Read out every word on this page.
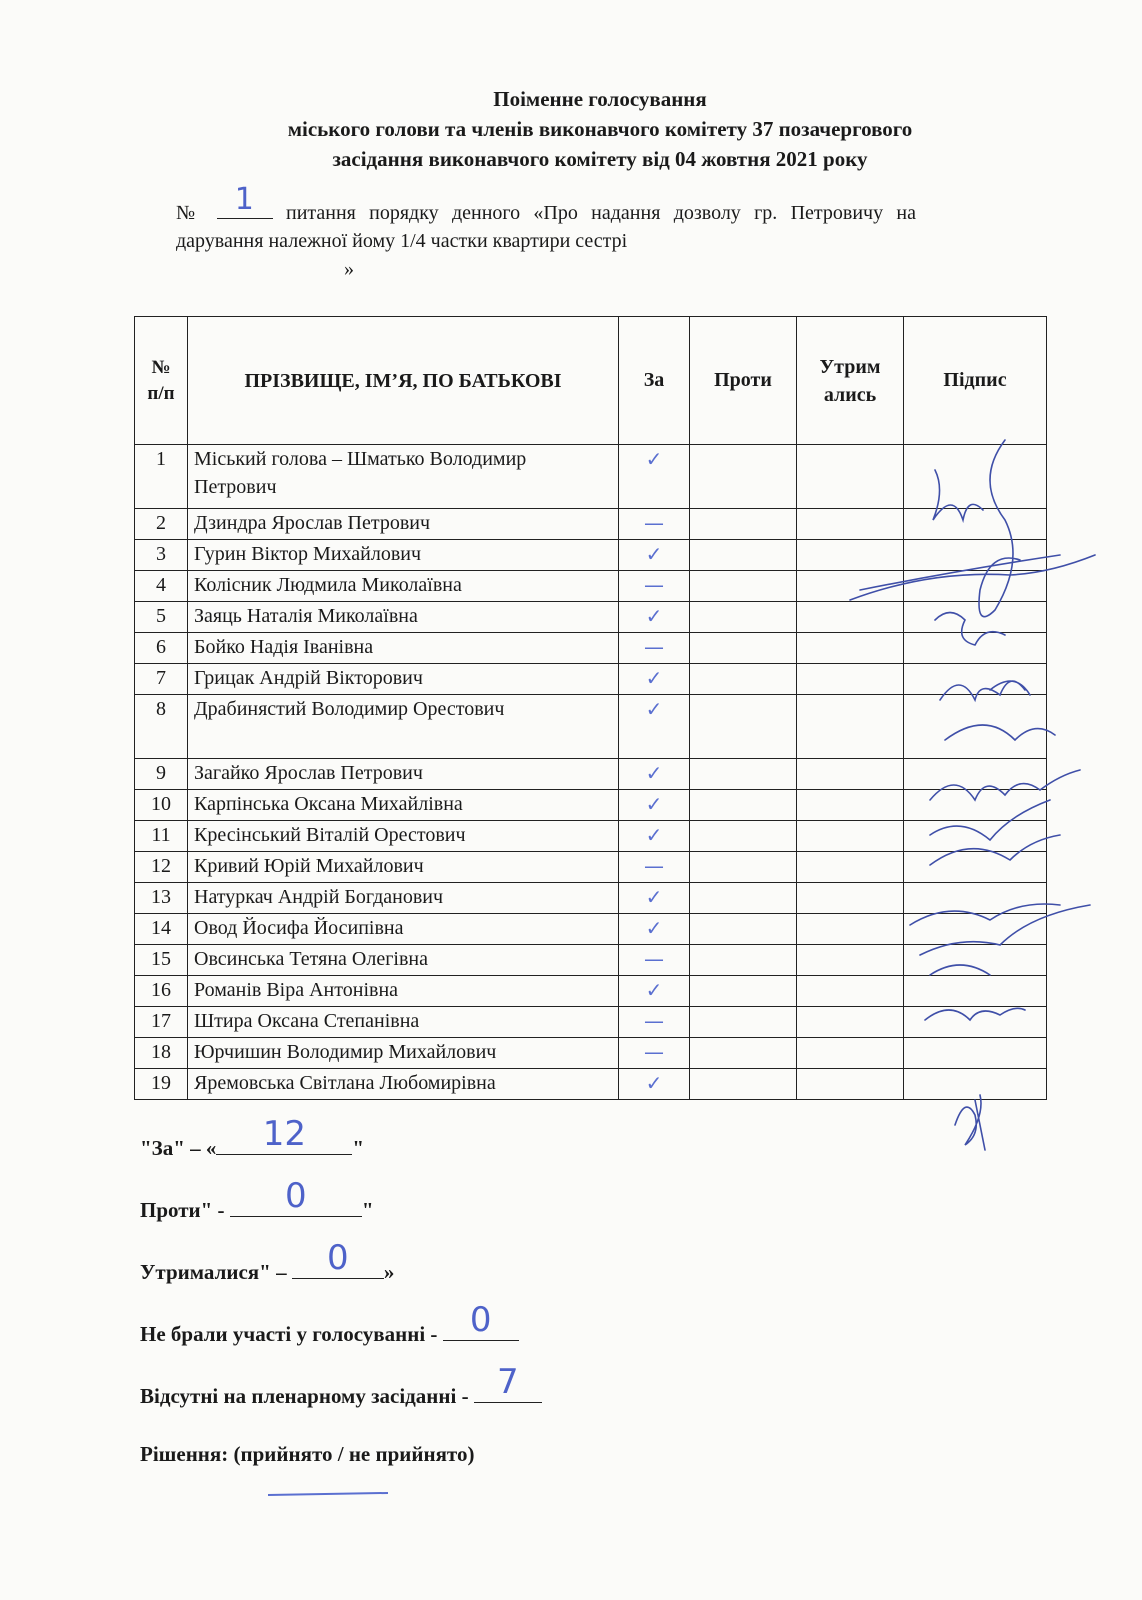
Поіменне голосування
міського голови та членів виконавчого комітету 37 позачергового
засідання виконавчого комітету від 04 жовтня 2021 року
№ 1 питання порядку денного «Про надання дозволу гр. Петровичу на дарування належної йому 1/4 частки квартири сестрі
»
№ п/п	ПРІЗВИЩЕ, ІМ’Я, ПО БАТЬКОВІ	За	Проти	Утрим ались	Підпис
1	Міський голова – Шматько Володимир Петрович	✓			

2	Дзиндра Ярослав Петрович	—			

3	Гурин Віктор Михайлович	✓			

4	Колісник Людмила Миколаївна	—			

5	Заяць Наталія Миколаївна	✓			

6	Бойко Надія Іванівна	—			

7	Грицак Андрій Вікторович	✓			

8	Драбинястий Володимир Орестович	✓			

9	Загайко Ярослав Петрович	✓			

10	Карпінська Оксана Михайлівна	✓			

11	Кресінський Віталій Орестович	✓			

12	Кривий Юрій Михайлович	—			

13	Натуркач Андрій Богданович	✓			

14	Овод Йосифа Йосипівна	✓			

15	Овсинська Тетяна Олегівна	—			

16	Романів Віра Антонівна	✓			

17	Штира Оксана Степанівна	—			

18	Юрчишин Володимир Михайлович	—			

19	Яремовська Світлана Любомирівна	✓			

"За" – «	12	"
Проти" -	0	"
Утрималися" –	0	»
Не брали участі у голосуванні - 0
Відсутні на пленарному засіданні - 7
Рішення: (прийнято / не прийнято)
